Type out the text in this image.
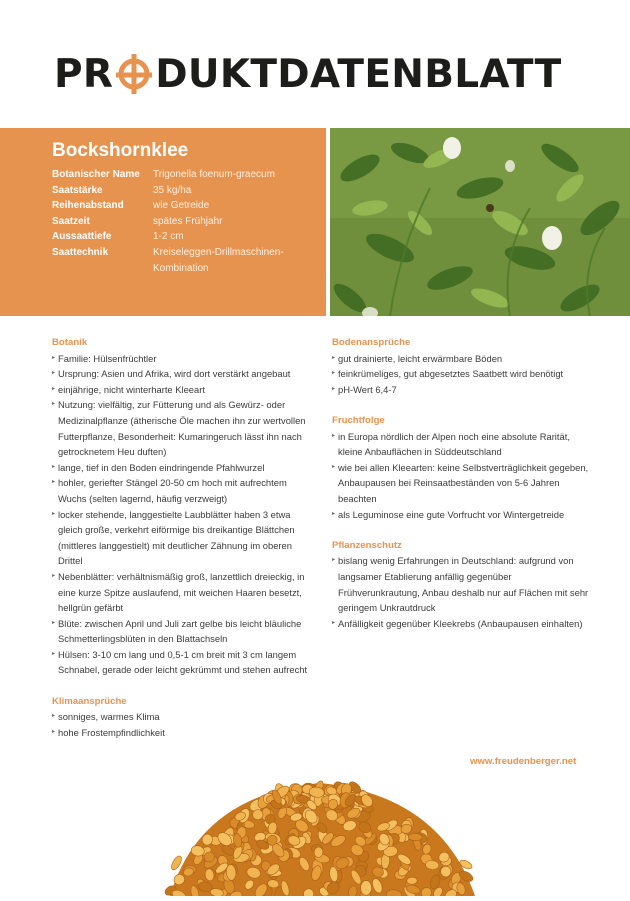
PR DUKTDATENBLATT
Bockshornklee
Botanischer Name	Trigonella foenum-graecum
Saatstärke	35 kg/ha
Reihenabstand	wie Getreide
Saatzeit	spätes Frühjahr
Aussaattiefe	1-2 cm
Saattechnik	Kreiseleggen-Drillmaschinen-Kombination

Botanik

▸ Familie: Hülsenfrüchtler
▸ Ursprung: Asien und Afrika, wird dort verstärkt angebaut
▸ einjährige, nicht winterharte Kleeart
▸ Nutzung: vielfältig, zur Fütterung und als Gewürz- oder Medizinalpflanze (ätherische Öle machen ihn zur wertvollen Futterpflanze, Besonderheit: Kumaringeruch lässt ihn nach getrocknetem Heu duften)
▸ lange, tief in den Boden eindringende Pfahlwurzel
▸ hohler, geriefter Stängel 20-50 cm hoch mit aufrechtem Wuchs (selten lagernd, häufig verzweigt)
▸ locker stehende, langgestielte Laubblätter haben 3 etwa gleich große, verkehrt eiförmige bis dreikantige Blättchen (mittleres langgestielt) mit deutlicher Zähnung im oberen Drittel
▸ Nebenblätter: verhältnismäßig groß, lanzettlich dreieckig, in eine kurze Spitze auslaufend, mit weichen Haaren besetzt, hellgrün gefärbt
▸ Blüte: zwischen April und Juli zart gelbe bis leicht bläuliche Schmetterlingsblüten in den Blattachseln
▸ Hülsen: 3-10 cm lang und 0,5-1 cm breit mit 3 cm langem Schnabel, gerade oder leicht gekrümmt und stehen aufrecht

Klimaansprüche

▸ sonniges, warmes Klima
▸ hohe Frostempfindlichkeit

Bodenansprüche

▸ gut drainierte, leicht erwärmbare Böden
▸ feinkrümeliges, gut abgesetztes Saatbett wird benötigt
▸ pH-Wert 6,4-7

Fruchtfolge

▸ in Europa nördlich der Alpen noch eine absolute Rarität, kleine Anbauflächen in Süddeutschland
▸ wie bei allen Kleearten: keine Selbstverträglichkeit gegeben, Anbaupausen bei Reinsaatbeständen von 5-6 Jahren beachten
▸ als Leguminose eine gute Vorfrucht vor Wintergetreide

Pflanzenschutz

▸ bislang wenig Erfahrungen in Deutschland: aufgrund von langsamer Etablierung anfällig gegenüber Frühverunkrautung, Anbau deshalb nur auf Flächen mit sehr geringem Unkrautdruck
▸ Anfälligkeit gegenüber Kleekrebs (Anbaupausen einhalten)
www.freudenberger.net
